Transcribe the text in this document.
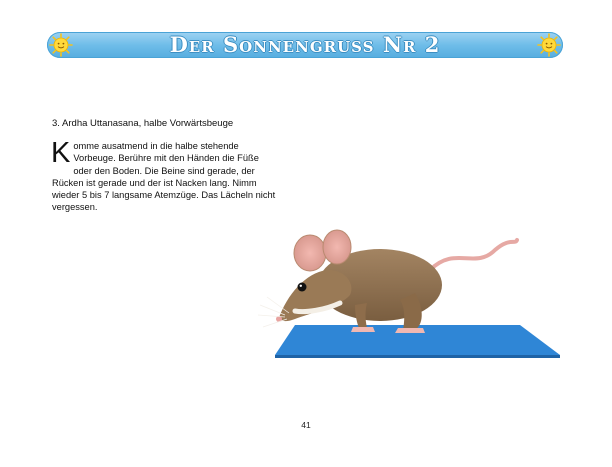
Der Sonnengruss Nr 2
3. Ardha Uttanasana, halbe Vorwärtsbeuge
Komme ausatmend in die halbe stehende Vorbeuge. Berühre mit den Händen die Füße oder den Boden. Die Beine sind gerade, der Rücken ist gerade und der ist Nacken lang. Nimm wieder 5 bis 7 langsame Atemzüge. Das Lächeln nicht vergessen.
41
